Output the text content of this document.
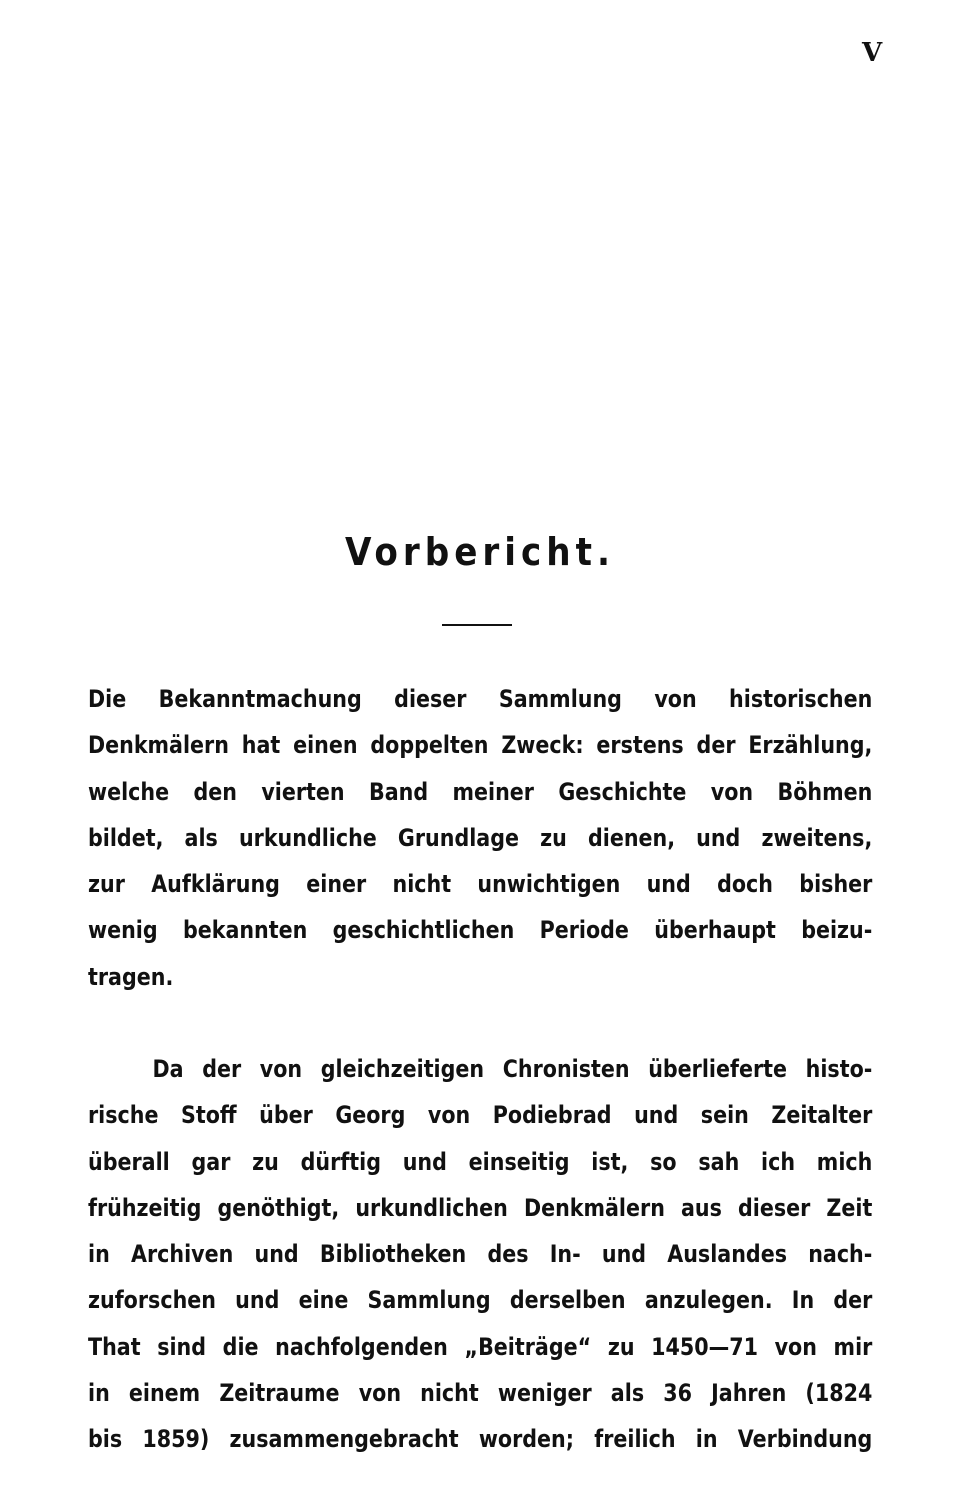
V
Vorbericht.
Die Bekanntmachung dieser Sammlung von historischen
Denkmälern hat einen doppelten Zweck: erstens der Erzählung,
welche den vierten Band meiner Geschichte von Böhmen
bildet, als urkundliche Grundlage zu dienen, und zweitens,
zur Aufklärung einer nicht unwichtigen und doch bisher
wenig bekannten geschichtlichen Periode überhaupt beizu-
tragen.
Da der von gleichzeitigen Chronisten überlieferte histo-
rische Stoff über Georg von Podiebrad und sein Zeitalter
überall gar zu dürftig und einseitig ist, so sah ich mich
frühzeitig genöthigt, urkundlichen Denkmälern aus dieser Zeit
in Archiven und Bibliotheken des In- und Auslandes nach-
zuforschen und eine Sammlung derselben anzulegen. In der
That sind die nachfolgenden „Beiträge“ zu 1450—71 von mir
in einem Zeitraume von nicht weniger als 36 Jahren (1824
bis 1859) zusammengebracht worden; freilich in Verbindung
